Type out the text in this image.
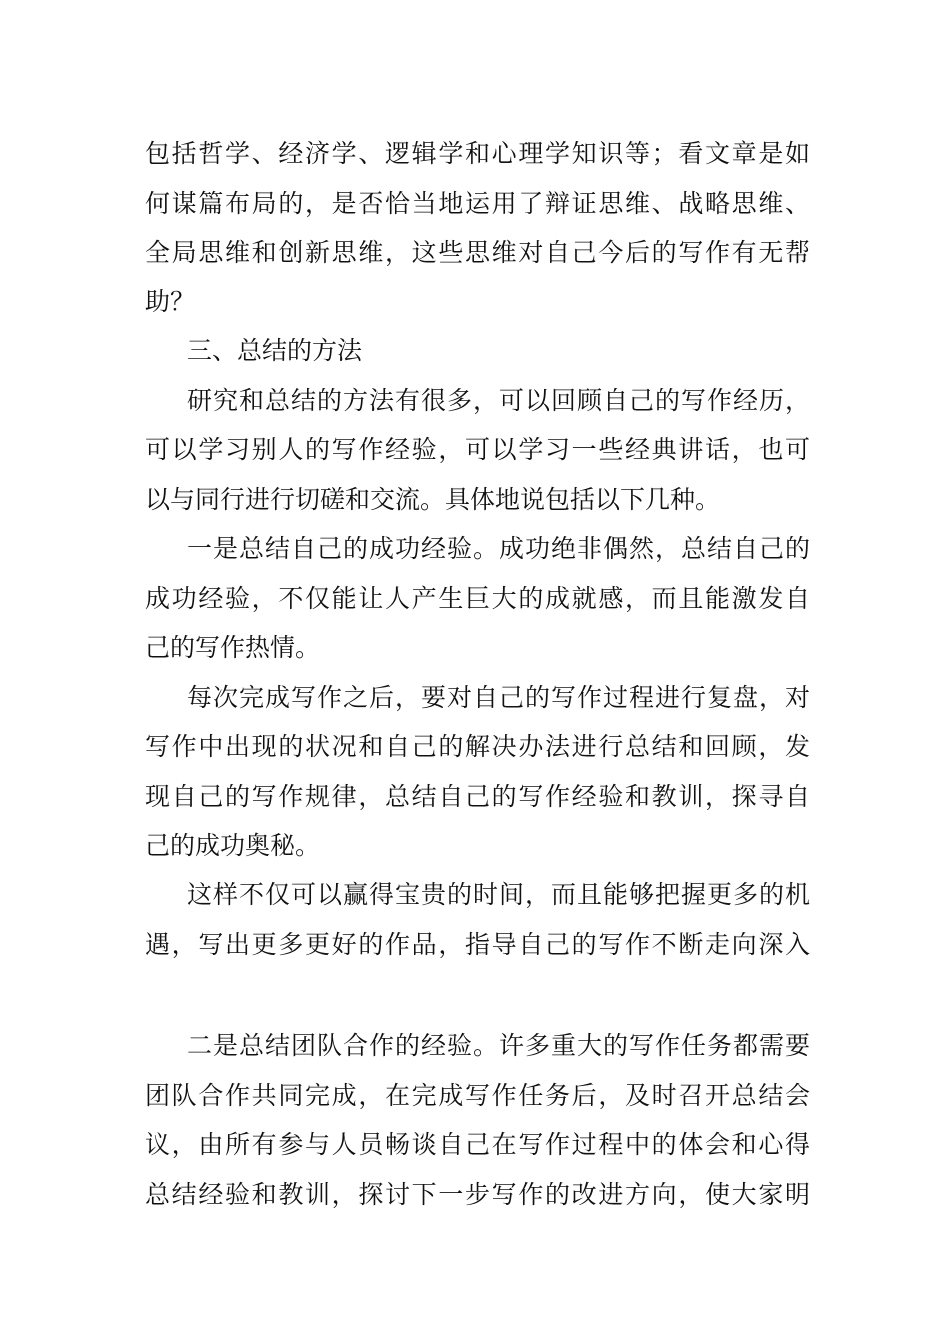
包括哲学、经济学、逻辑学和心理学知识等；看文章是如
何谋篇布局的，是否恰当地运用了辩证思维、战略思维、
全局思维和创新思维，这些思维对自己今后的写作有无帮
助？
三、总结的方法
研究和总结的方法有很多，可以回顾自己的写作经历，
可以学习别人的写作经验，可以学习一些经典讲话，也可
以与同行进行切磋和交流。具体地说包括以下几种。
一是总结自己的成功经验。成功绝非偶然，总结自己的
成功经验，不仅能让人产生巨大的成就感，而且能激发自
己的写作热情。
每次完成写作之后，要对自己的写作过程进行复盘，对
写作中出现的状况和自己的解决办法进行总结和回顾，发
现自己的写作规律，总结自己的写作经验和教训，探寻自
己的成功奥秘。
这样不仅可以赢得宝贵的时间，而且能够把握更多的机
遇，写出更多更好的作品，指导自己的写作不断走向深入
二是总结团队合作的经验。许多重大的写作任务都需要
团队合作共同完成，在完成写作任务后，及时召开总结会
议，由所有参与人员畅谈自己在写作过程中的体会和心得
总结经验和教训，探讨下一步写作的改进方向，使大家明
